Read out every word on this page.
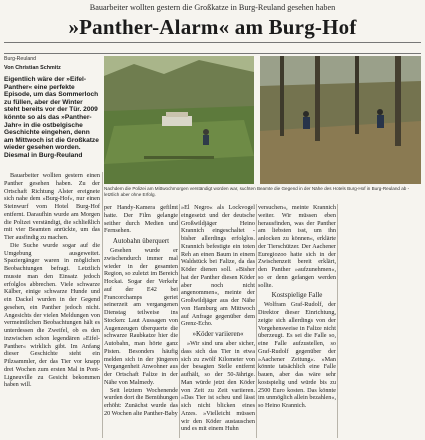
Bauarbeiter wollten gestern die Großkatze in Burg-Reuland gesehen haben
»Panther-Alarm« am Burg-Hof
Burg-Reuland
Von Christian Schmitz
Eigentlich wäre der »Eifel-Panther« eine perfekte Episode, um das Sommerloch zu füllen, aber der Winter steht bereits vor der Tür. 2009 könnte so als das »Panther-Jahr« in die ostbelgische Geschichte eingehen, denn am Mittwoch ist die Großkatze wieder gesehen worden. Diesmal in Burg-Reuland
Nachdem die Polizei am Mittwochmorgen verständigt worden war, suchten Beamte die Gegend in der Nähe des Hotels Burg-Hof in Burg-Reuland ab - letztlich aber ohne Erfolg.

Bauarbeiter wollten gestern einen Panther gesehen haben. Zu der Ortschaft Richtung Alster ereignete sich nahe dem »Burg-Hof«, nur einen Steinwurf vom Hotel Burg-Hof entfernt. Daraufhin wurde am Morgen die Polizei verständigt, die schließlich mit vier Beamten anrückte, um das Tier ausfindig zu machen.

Die Suche wurde sogar auf die Umgebung ausgeweitet. Spaziergänger waren in möglichen Beobachtungen befragt. Letztlich musste man den Einsatz jedoch erfolglos abbrechen. Viele schwarze Kälber, einige schwarze Hunde und ein Dackel wurden in der Gegend gesehen, ein Panther jedoch nicht. Angesichts der vielen Meldungen von vermeintlichen Beobachtungen hält es unterdessen die Zweifel, ob es den inzwischen schon legendären »Eifel-Panther« wirklich gibt. Im Anfang dieser Geschichte steht ein Pilzsammler, der das Tier vor knapp drei Wochen zum ersten Mal in Pont-Ligneuville zu Gesicht bekommen haben will.

per Handy-Kamera gefilmt hatte. Der Film gelangte seither durch Medien und Fernsehen.

Autobahn überquert

Gesehen wurde er zwischendurch immer mal wieder in der gesamten Region, so zuletzt im Bereich Hockai. Sogar der Verkehr auf der E42 bei Francorchamps geriet seinerzeit am vergangenen Dienstag teilweise ins Stocken: Laut Aussagen von Augenzeugen überquerte die schwarze Raubkatze hier die Autobahn, man hörte ganz Pisten. Besonders häufig melden sich in der jüngeren Vergangenheit Anwohner aus der Ortschaft Falize in der Nähe von Malmedy.

Seit letztem Wochenende wurden dort die Bemühungen erhöht: Zunächst wurde das 20 Wochen alte Panther-Baby

»El Negro« als Lockvogel eingesetzt und der deutsche Großwildjäger Heino Krannich eingeschaltet - bisher allerdings erfolglos. Krannich befestigte ein toten Reh an einen Baum in einem Waldstück bei Falize, da das Köder dienen soll. »Bisher hat der Panther diesen Köder aber noch nicht angenommen«, meinte der Großwildjäger aus der Nähe von Hamburg am Mittwoch auf Anfrage gegenüber dem Grenz-Echo.

»Köder variieren«

»Wir sind uns aber sicher, dass sich das Tier in etwa sich zu zwölf Kilometer von der besagten Stelle entfernt aufhält, so der 50-Jährige. Man würde jetzt den Köder von Zeit zu Zeit variieren. »Das Tier ist scheu und lässt sich nicht blicken eines Arzes. »Vielleicht müssen wir den Köder austauschen und es mit einem Huhn

versuchen«, meinte Krannich weiter. Wir müssen eben herausfinden, was der Panther am liebsten isst, um ihn anlocken zu können«, erklärte der Tierschützer. Der Aachener Euregiozoo hatte sich in der Zwischenzeit bereit erklärt, den Panther »aufzunehmen«, so er denn gefangen werden sollte.

Kostspielige Falle

Wolfram Graf-Rudolf, der Direktor dieser Einrichtung, zeigte sich allerdings von der Vorgehensweise in Falize nicht überzeugt. Es sei die Falle so, eine Falle aufzustellen, so Graf-Rudolf gegenüber der »Aachener Zeitung«. »Man könnte tatsächlich eine Falle bauen, aber das wäre sehr kostspielig und würde bis zu 2500 Euro kosten. Das könnte im unmöglich allein bezahlen«, so Heino Krannich.
